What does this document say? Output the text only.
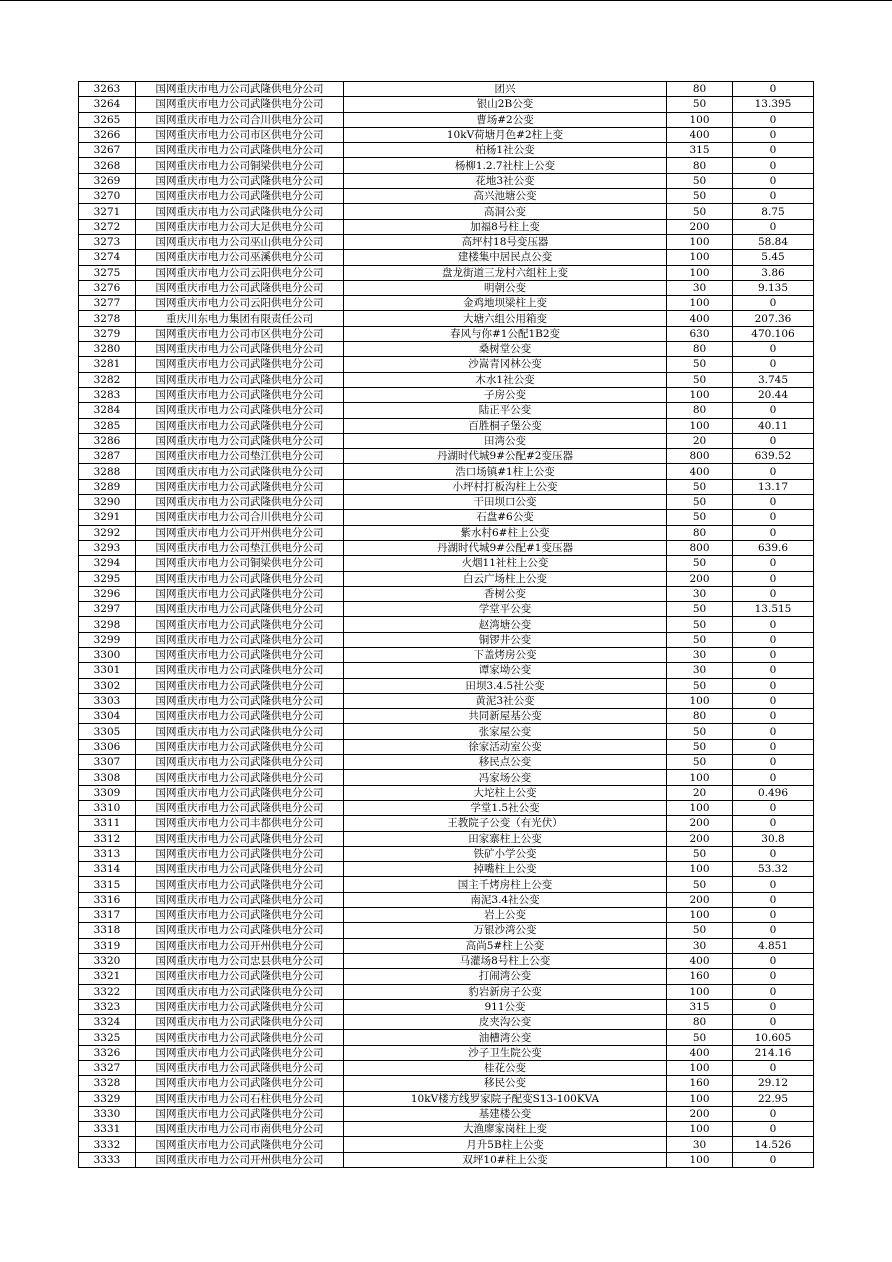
3263	国网重庆市电力公司武隆供电分公司	团兴	80	0
3264	国网重庆市电力公司武隆供电分公司	银山2B公变	50	13.395
3265	国网重庆市电力公司合川供电分公司	曹场#2公变	100	0
3266	国网重庆市电力公司市区供电分公司	10kV荷塘月色#2柱上变	400	0
3267	国网重庆市电力公司武隆供电分公司	柏杨1社公变	315	0
3268	国网重庆市电力公司铜梁供电分公司	杨柳1.2.7社柱上公变	80	0
3269	国网重庆市电力公司武隆供电分公司	花地3社公变	50	0
3270	国网重庆市电力公司武隆供电分公司	高兴池塘公变	50	0
3271	国网重庆市电力公司武隆供电分公司	高洞公变	50	8.75
3272	国网重庆市电力公司大足供电分公司	加福8号柱上变	200	0
3273	国网重庆市电力公司巫山供电分公司	高坪村18号变压器	100	58.84
3274	国网重庆市电力公司巫溪供电分公司	建楼集中居民点公变	100	5.45
3275	国网重庆市电力公司云阳供电分公司	盘龙街道三龙村六组柱上变	100	3.86
3276	国网重庆市电力公司武隆供电分公司	明朝公变	30	9.135
3277	国网重庆市电力公司云阳供电分公司	金鸡地坝梁柱上变	100	0
3278	重庆川东电力集团有限责任公司	大塘六组公用箱变	400	207.36
3279	国网重庆市电力公司市区供电分公司	春风与你#1公配1B2变	630	470.106
3280	国网重庆市电力公司武隆供电分公司	桑树堂公变	80	0
3281	国网重庆市电力公司武隆供电分公司	沙嵩青冈林公变	50	0
3282	国网重庆市电力公司武隆供电分公司	木水1社公变	50	3.745
3283	国网重庆市电力公司武隆供电分公司	子房公变	100	20.44
3284	国网重庆市电力公司武隆供电分公司	陆正平公变	80	0
3285	国网重庆市电力公司武隆供电分公司	百胜桐子堡公变	100	40.11
3286	国网重庆市电力公司武隆供电分公司	田湾公变	20	0
3287	国网重庆市电力公司垫江供电分公司	丹湖时代城9#公配#2变压器	800	639.52
3288	国网重庆市电力公司武隆供电分公司	浩口场镇#1柱上公变	400	0
3289	国网重庆市电力公司武隆供电分公司	小坪村打板沟柱上公变	50	13.17
3290	国网重庆市电力公司武隆供电分公司	干田坝口公变	50	0
3291	国网重庆市电力公司合川供电分公司	石盘#6公变	50	0
3292	国网重庆市电力公司开州供电分公司	紫水村6#柱上公变	80	0
3293	国网重庆市电力公司垫江供电分公司	丹湖时代城9#公配#1变压器	800	639.6
3294	国网重庆市电力公司铜梁供电分公司	火烟11社柱上公变	50	0
3295	国网重庆市电力公司武隆供电分公司	白云广场柱上公变	200	0
3296	国网重庆市电力公司武隆供电分公司	香树公变	30	0
3297	国网重庆市电力公司武隆供电分公司	学堂平公变	50	13.515
3298	国网重庆市电力公司武隆供电分公司	赵湾塘公变	50	0
3299	国网重庆市电力公司武隆供电分公司	铜锣井公变	50	0
3300	国网重庆市电力公司武隆供电分公司	下盖烤房公变	30	0
3301	国网重庆市电力公司武隆供电分公司	谭家坳公变	30	0
3302	国网重庆市电力公司武隆供电分公司	田坝3.4.5社公变	50	0
3303	国网重庆市电力公司武隆供电分公司	黄泥3社公变	100	0
3304	国网重庆市电力公司武隆供电分公司	共同新屋基公变	80	0
3305	国网重庆市电力公司武隆供电分公司	张家屋公变	50	0
3306	国网重庆市电力公司武隆供电分公司	徐家活动室公变	50	0
3307	国网重庆市电力公司武隆供电分公司	移民点公变	50	0
3308	国网重庆市电力公司武隆供电分公司	冯家场公变	100	0
3309	国网重庆市电力公司武隆供电分公司	大坨柱上公变	20	0.496
3310	国网重庆市电力公司武隆供电分公司	学堂1.5社公变	100	0
3311	国网重庆市电力公司丰都供电分公司	王教院子公变（有光伏）	200	0
3312	国网重庆市电力公司武隆供电分公司	田家寨柱上公变	200	30.8
3313	国网重庆市电力公司武隆供电分公司	铁矿小学公变	50	0
3314	国网重庆市电力公司武隆供电分公司	掉嘴柱上公变	100	53.32
3315	国网重庆市电力公司武隆供电分公司	国主千烤房柱上公变	50	0
3316	国网重庆市电力公司武隆供电分公司	南泥3.4社公变	200	0
3317	国网重庆市电力公司武隆供电分公司	岩上公变	100	0
3318	国网重庆市电力公司武隆供电分公司	万银沙湾公变	50	0
3319	国网重庆市电力公司开州供电分公司	高尚5#柱上公变	30	4.851
3320	国网重庆市电力公司忠县供电分公司	马灌场8号柱上公变	400	0
3321	国网重庆市电力公司武隆供电分公司	打闹湾公变	160	0
3322	国网重庆市电力公司武隆供电分公司	豹岩新房子公变	100	0
3323	国网重庆市电力公司武隆供电分公司	911公变	315	0
3324	国网重庆市电力公司武隆供电分公司	皮夹沟公变	80	0
3325	国网重庆市电力公司武隆供电分公司	油槽湾公变	50	10.605
3326	国网重庆市电力公司武隆供电分公司	沙子卫生院公变	400	214.16
3327	国网重庆市电力公司武隆供电分公司	桂花公变	100	0
3328	国网重庆市电力公司武隆供电分公司	移民公变	160	29.12
3329	国网重庆市电力公司石柱供电分公司	10kV楼方线罗家院子配变S13-100KVA	100	22.95
3330	国网重庆市电力公司武隆供电分公司	基建楼公变	200	0
3331	国网重庆市电力公司市南供电分公司	大渔廖家岗柱上变	100	0
3332	国网重庆市电力公司武隆供电分公司	月升5B柱上公变	30	14.526
3333	国网重庆市电力公司开州供电分公司	双坪10#柱上公变	100	0
